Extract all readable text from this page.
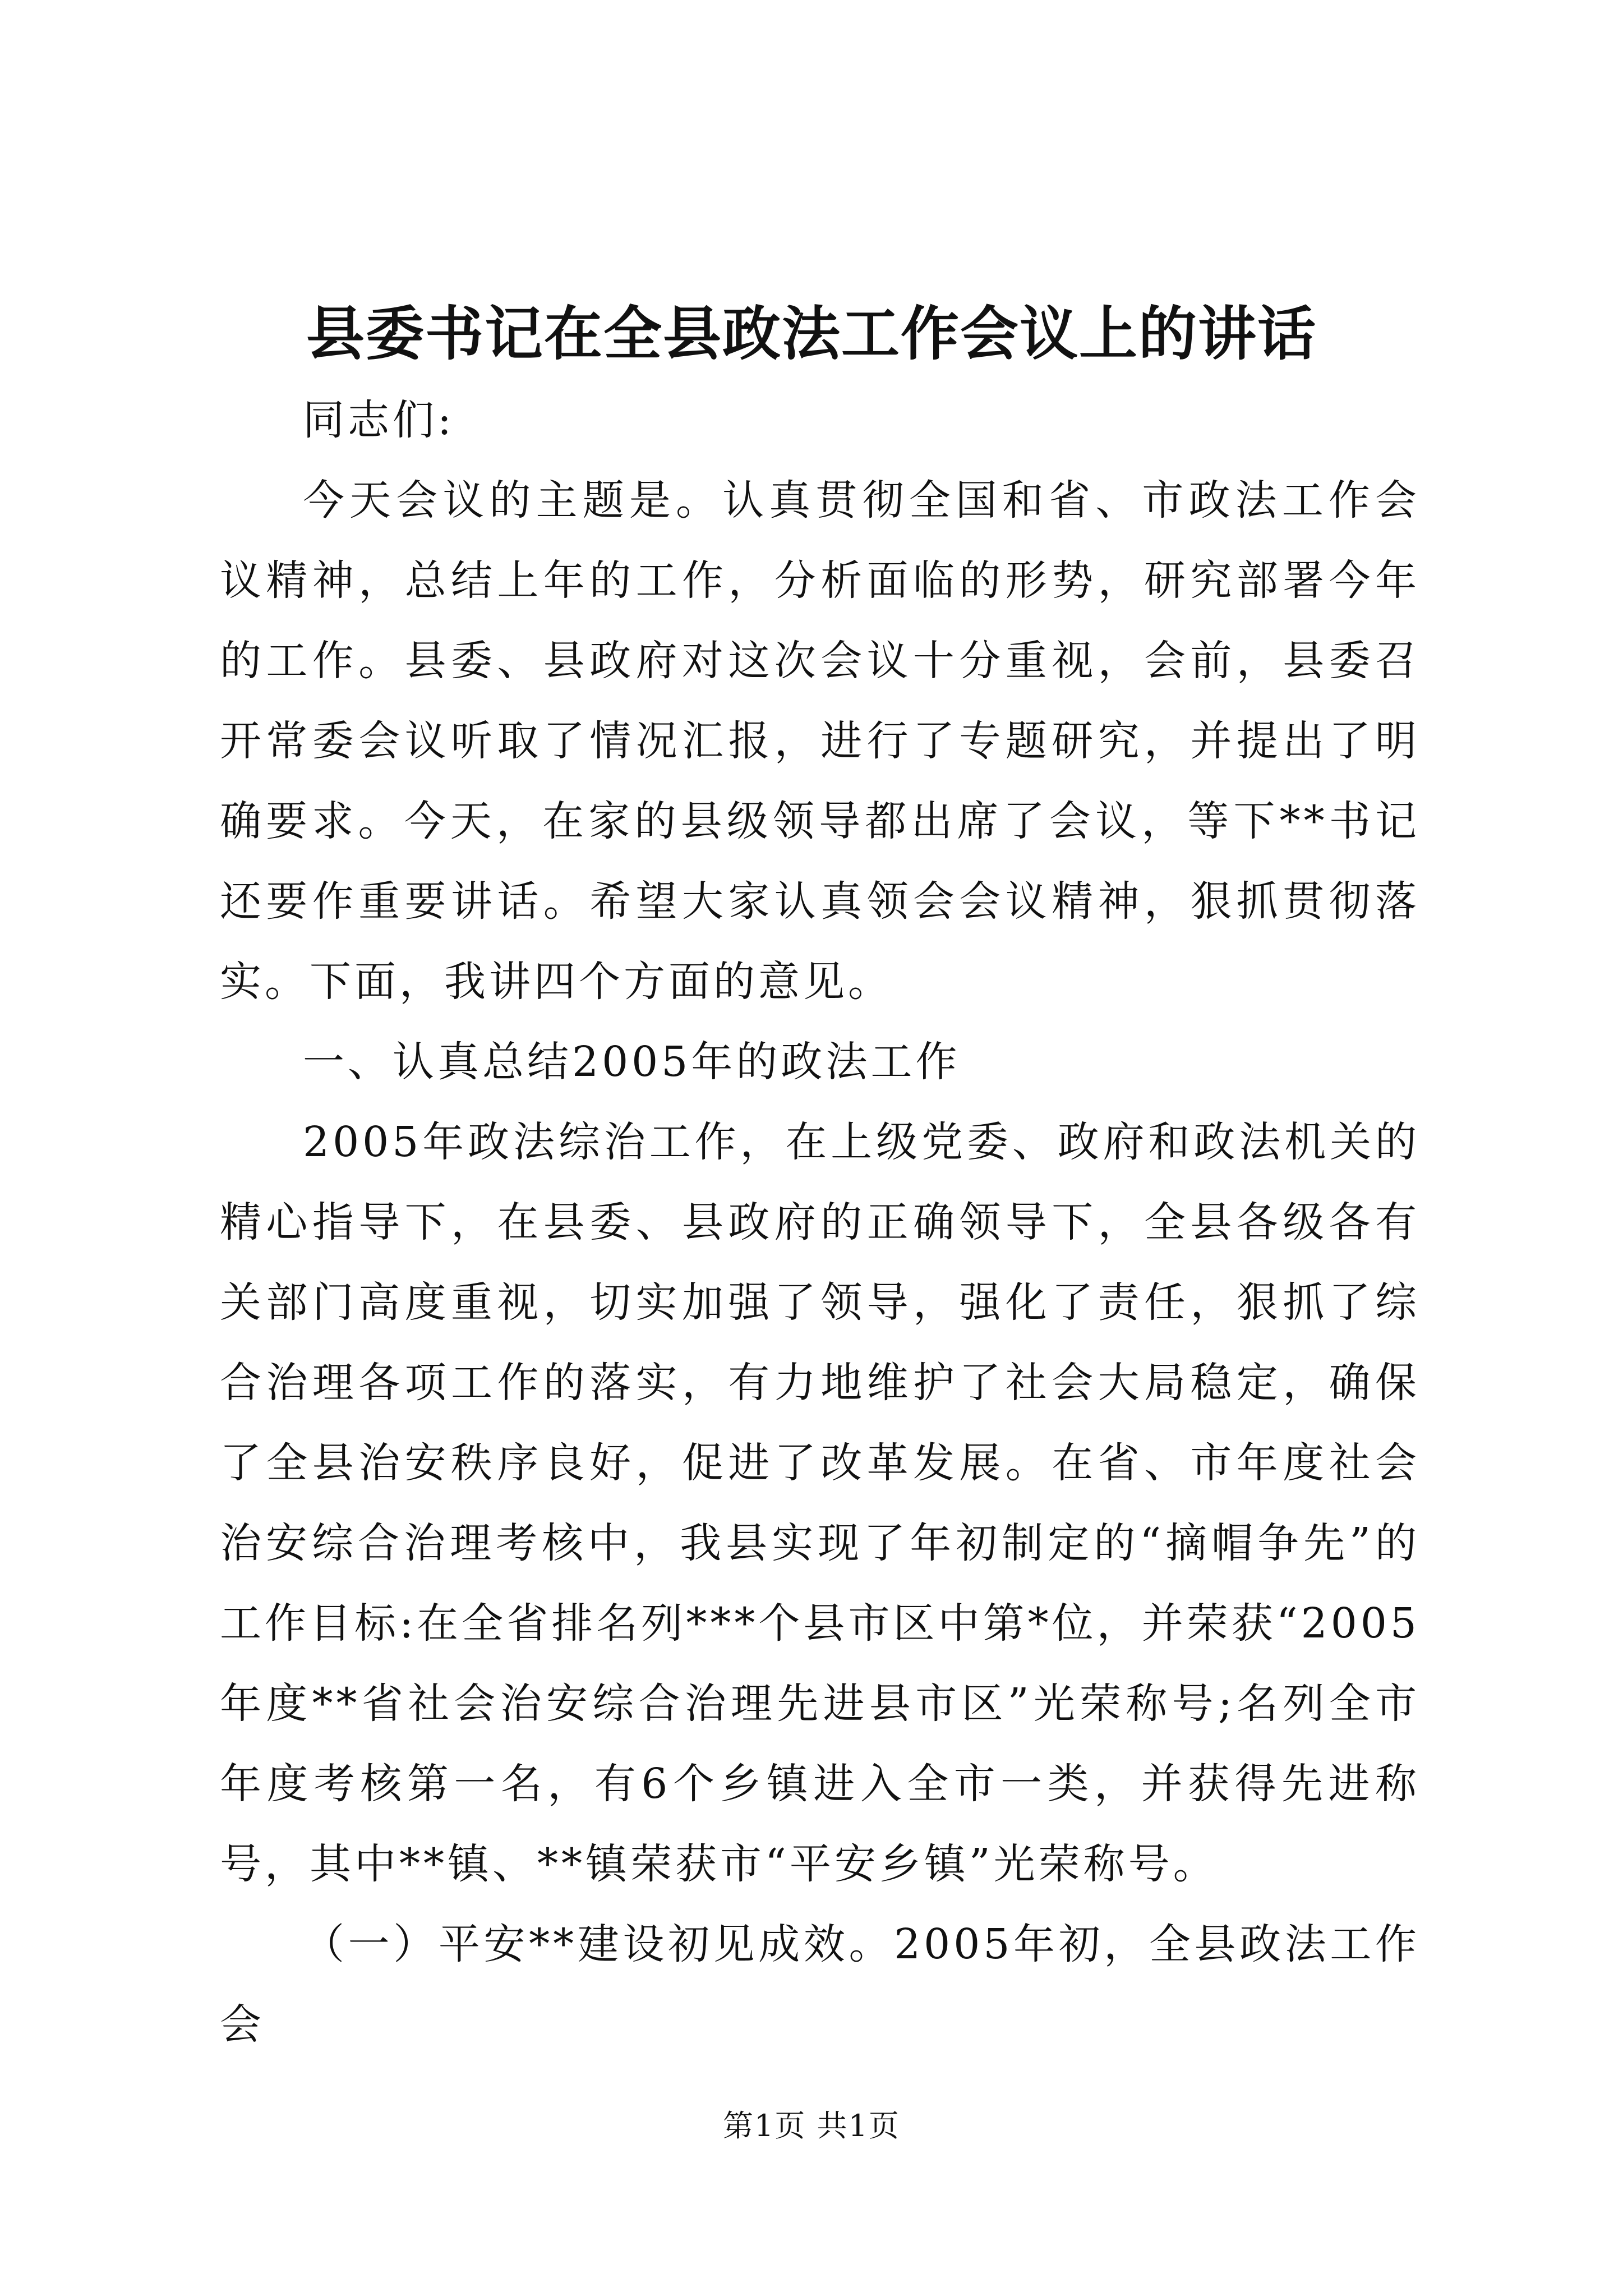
县委书记在全县政法工作会议上的讲话

同志们:

今天会议的主题是。认真贯彻全国和省、市政法工作会议精神，总结上年的工作，分析面临的形势，研究部署今年的工作。县委、县政府对这次会议十分重视，会前，县委召开常委会议听取了情况汇报，进行了专题研究，并提出了明确要求。今天，在家的县级领导都出席了会议，等下**书记还要作重要讲话。希望大家认真领会会议精神，狠抓贯彻落实。下面，我讲四个方面的意见。

一、认真总结2005年的政法工作

2005年政法综治工作，在上级党委、政府和政法机关的精心指导下，在县委、县政府的正确领导下，全县各级各有关部门高度重视，切实加强了领导，强化了责任，狠抓了综合治理各项工作的落实，有力地维护了社会大局稳定，确保了全县治安秩序良好，促进了改革发展。在省、市年度社会治安综合治理考核中，我县实现了年初制定的“摘帽争先”的工作目标:在全省排名列***个县市区中第*位，并荣获“2005年度**省社会治安综合治理先进县市区”光荣称号;名列全市年度考核第一名，有6个乡镇进入全市一类，并获得先进称号，其中**镇、**镇荣获市“平安乡镇”光荣称号。

（一）平安**建设初见成效。2005年初，全县政法工作会

第1页 共1页
